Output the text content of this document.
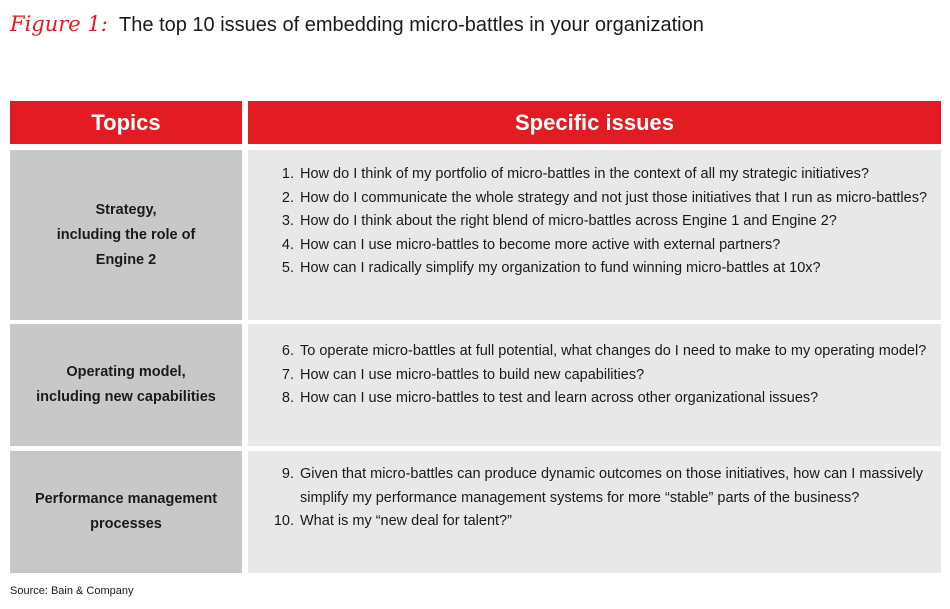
Figure 1: The top 10 issues of embedding micro-battles in your organization
Topics	Specific issues
Strategy,
including the role of
Engine 2
1. How do I think of my portfolio of micro-battles in the context of all my strategic initiatives?
2. How do I communicate the whole strategy and not just those initiatives that I run as micro-battles?
3. How do I think about the right blend of micro-battles across Engine 1 and Engine 2?
4. How can I use micro-battles to become more active with external partners?
5. How can I radically simplify my organization to fund winning micro-battles at 10x?
Operating model,
including new capabilities
6. To operate micro-battles at full potential, what changes do I need to make to my operating model?
7. How can I use micro-battles to build new capabilities?
8. How can I use micro-battles to test and learn across other organizational issues?
Performance management
processes
9. Given that micro-battles can produce dynamic outcomes on those initiatives, how can I massively simplify my performance management systems for more “stable” parts of the business?
10. What is my “new deal for talent?”
Source: Bain & Company
